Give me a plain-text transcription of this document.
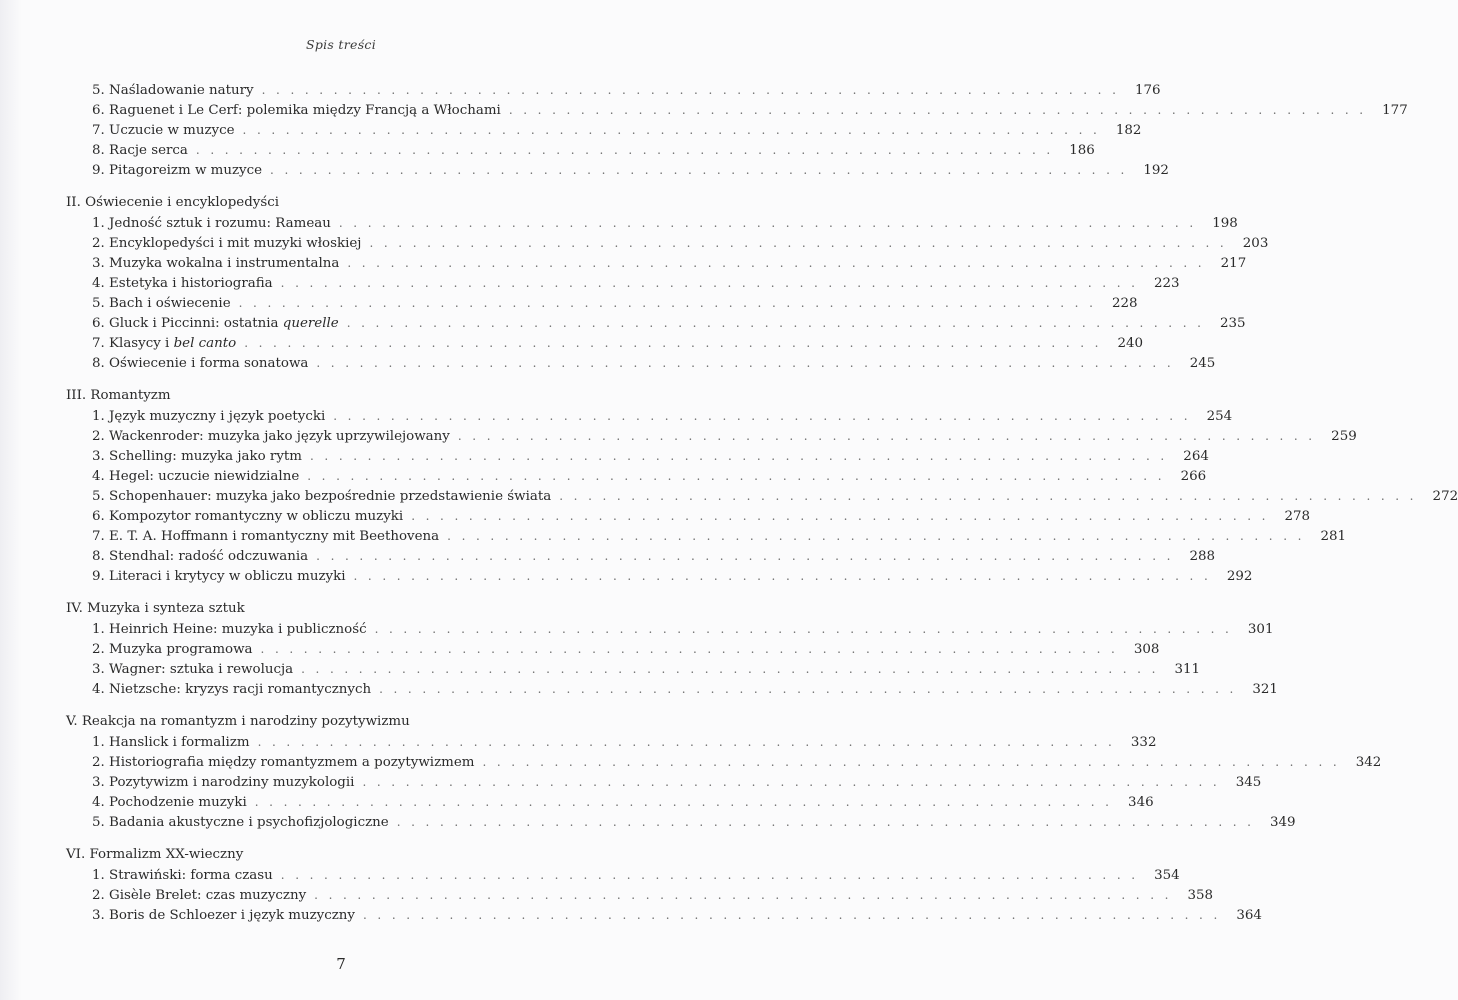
Spis treści
5. Naśladowanie natury ............................................................ 176
6. Raguenet i Le Cerf: polemika między Francją a Włochami ............................................................ 177
7. Uczucie w muzyce ............................................................ 182
8. Racje serca ............................................................ 186
9. Pitagoreizm w muzyce ............................................................ 192
II. Oświecenie i encyklopedyści
1. Jedność sztuk i rozumu: Rameau ............................................................ 198
2. Encyklopedyści i mit muzyki włoskiej ............................................................ 203
3. Muzyka wokalna i instrumentalna ............................................................ 217
4. Estetyka i historiografia ............................................................ 223
5. Bach i oświecenie ............................................................ 228
6. Gluck i Piccinni: ostatnia querelle ............................................................ 235
7. Klasycy i bel canto ............................................................ 240
8. Oświecenie i forma sonatowa ............................................................ 245
III. Romantyzm
1. Język muzyczny i język poetycki ............................................................ 254
2. Wackenroder: muzyka jako język uprzywilejowany ............................................................ 259
3. Schelling: muzyka jako rytm ............................................................ 264
4. Hegel: uczucie niewidzialne ............................................................ 266
5. Schopenhauer: muzyka jako bezpośrednie przedstawienie świata ............................................................ 272
6. Kompozytor romantyczny w obliczu muzyki ............................................................ 278
7. E. T. A. Hoffmann i romantyczny mit Beethovena ............................................................ 281
8. Stendhal: radość odczuwania ............................................................ 288
9. Literaci i krytycy w obliczu muzyki ............................................................ 292
IV. Muzyka i synteza sztuk
1. Heinrich Heine: muzyka i publiczność ............................................................ 301
2. Muzyka programowa ............................................................ 308
3. Wagner: sztuka i rewolucja ............................................................ 311
4. Nietzsche: kryzys racji romantycznych ............................................................ 321
V. Reakcja na romantyzm i narodziny pozytywizmu
1. Hanslick i formalizm ............................................................ 332
2. Historiografia między romantyzmem a pozytywizmem ............................................................ 342
3. Pozytywizm i narodziny muzykologii ............................................................ 345
4. Pochodzenie muzyki ............................................................ 346
5. Badania akustyczne i psychofizjologiczne ............................................................ 349
VI. Formalizm XX-wieczny
1. Strawiński: forma czasu ............................................................ 354
2. Gisèle Brelet: czas muzyczny ............................................................ 358
3. Boris de Schloezer i język muzyczny ............................................................ 364
7
